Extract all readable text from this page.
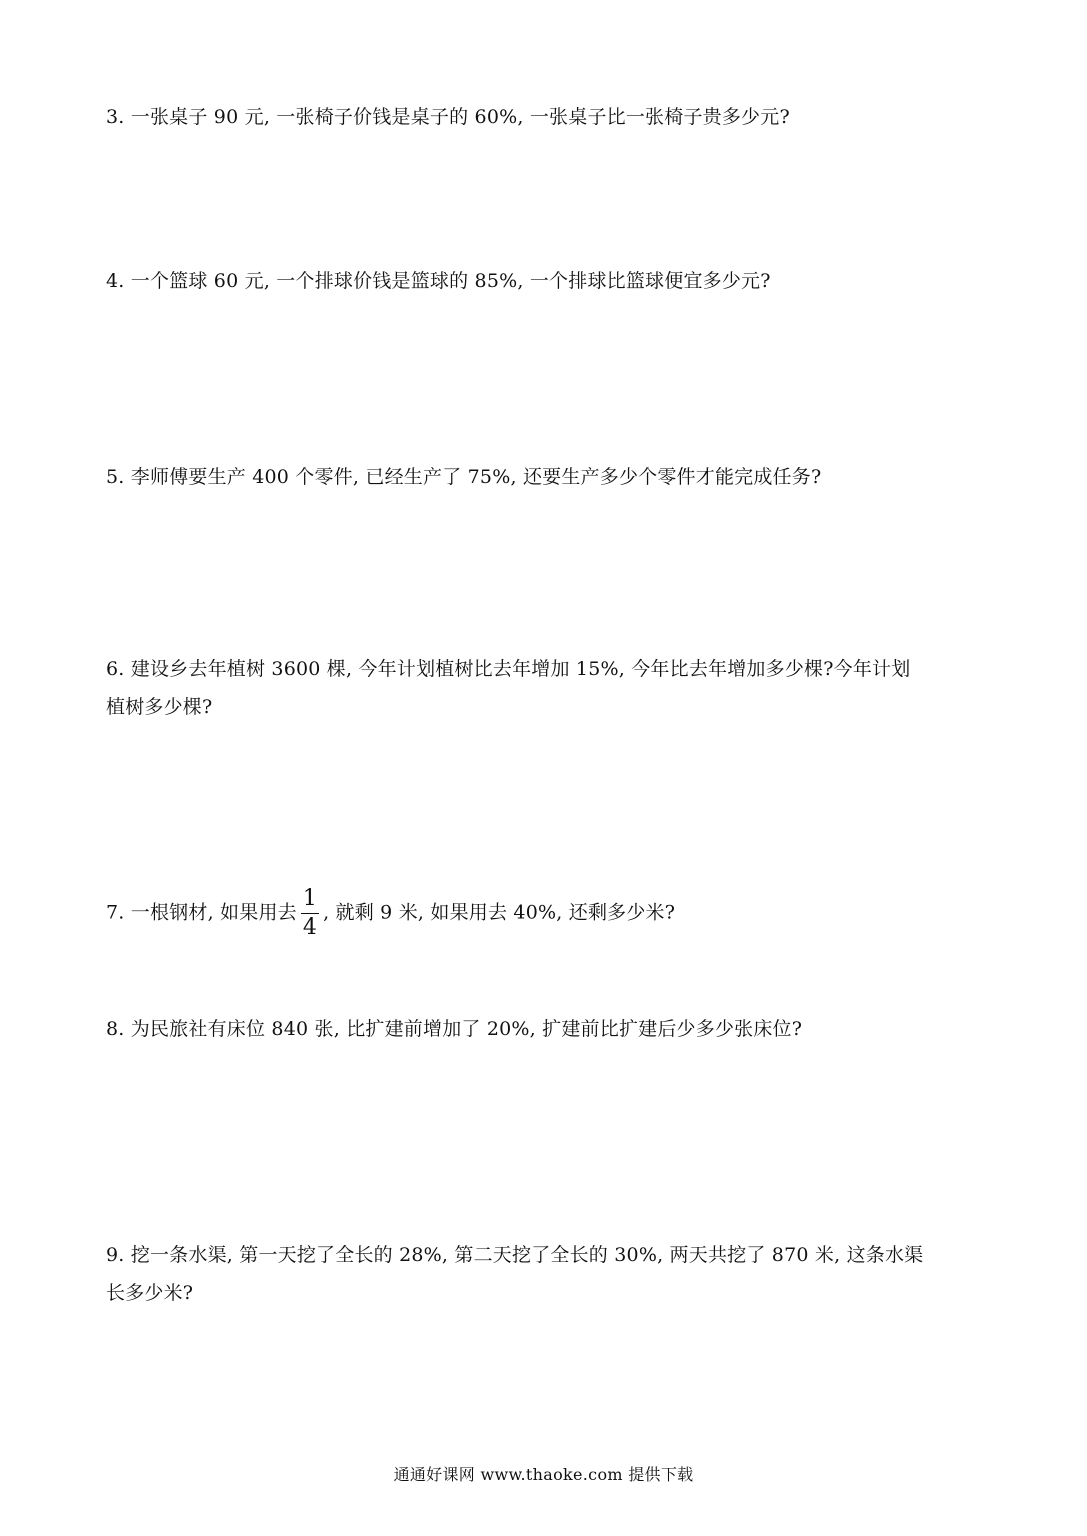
3. 一张桌子 90 元, 一张椅子价钱是桌子的 60%, 一张桌子比一张椅子贵多少元?
4. 一个篮球 60 元, 一个排球价钱是篮球的 85%, 一个排球比篮球便宜多少元?
5. 李师傅要生产 400 个零件, 已经生产了 75%, 还要生产多少个零件才能完成任务?
6. 建设乡去年植树 3600 棵, 今年计划植树比去年增加 15%, 今年比去年增加多少棵?今年计划
植树多少棵?
7. 一根钢材, 如果用去 $\frac{1}{4}$ , 就剩 9 米, 如果用去 40%, 还剩多少米?
8. 为民旅社有床位 840 张, 比扩建前增加了 20%, 扩建前比扩建后少多少张床位?
9. 挖一条水渠, 第一天挖了全长的 28%, 第二天挖了全长的 30%, 两天共挖了 870 米, 这条水渠
长多少米?
通通好课网 www.thaoke.com 提供下载
